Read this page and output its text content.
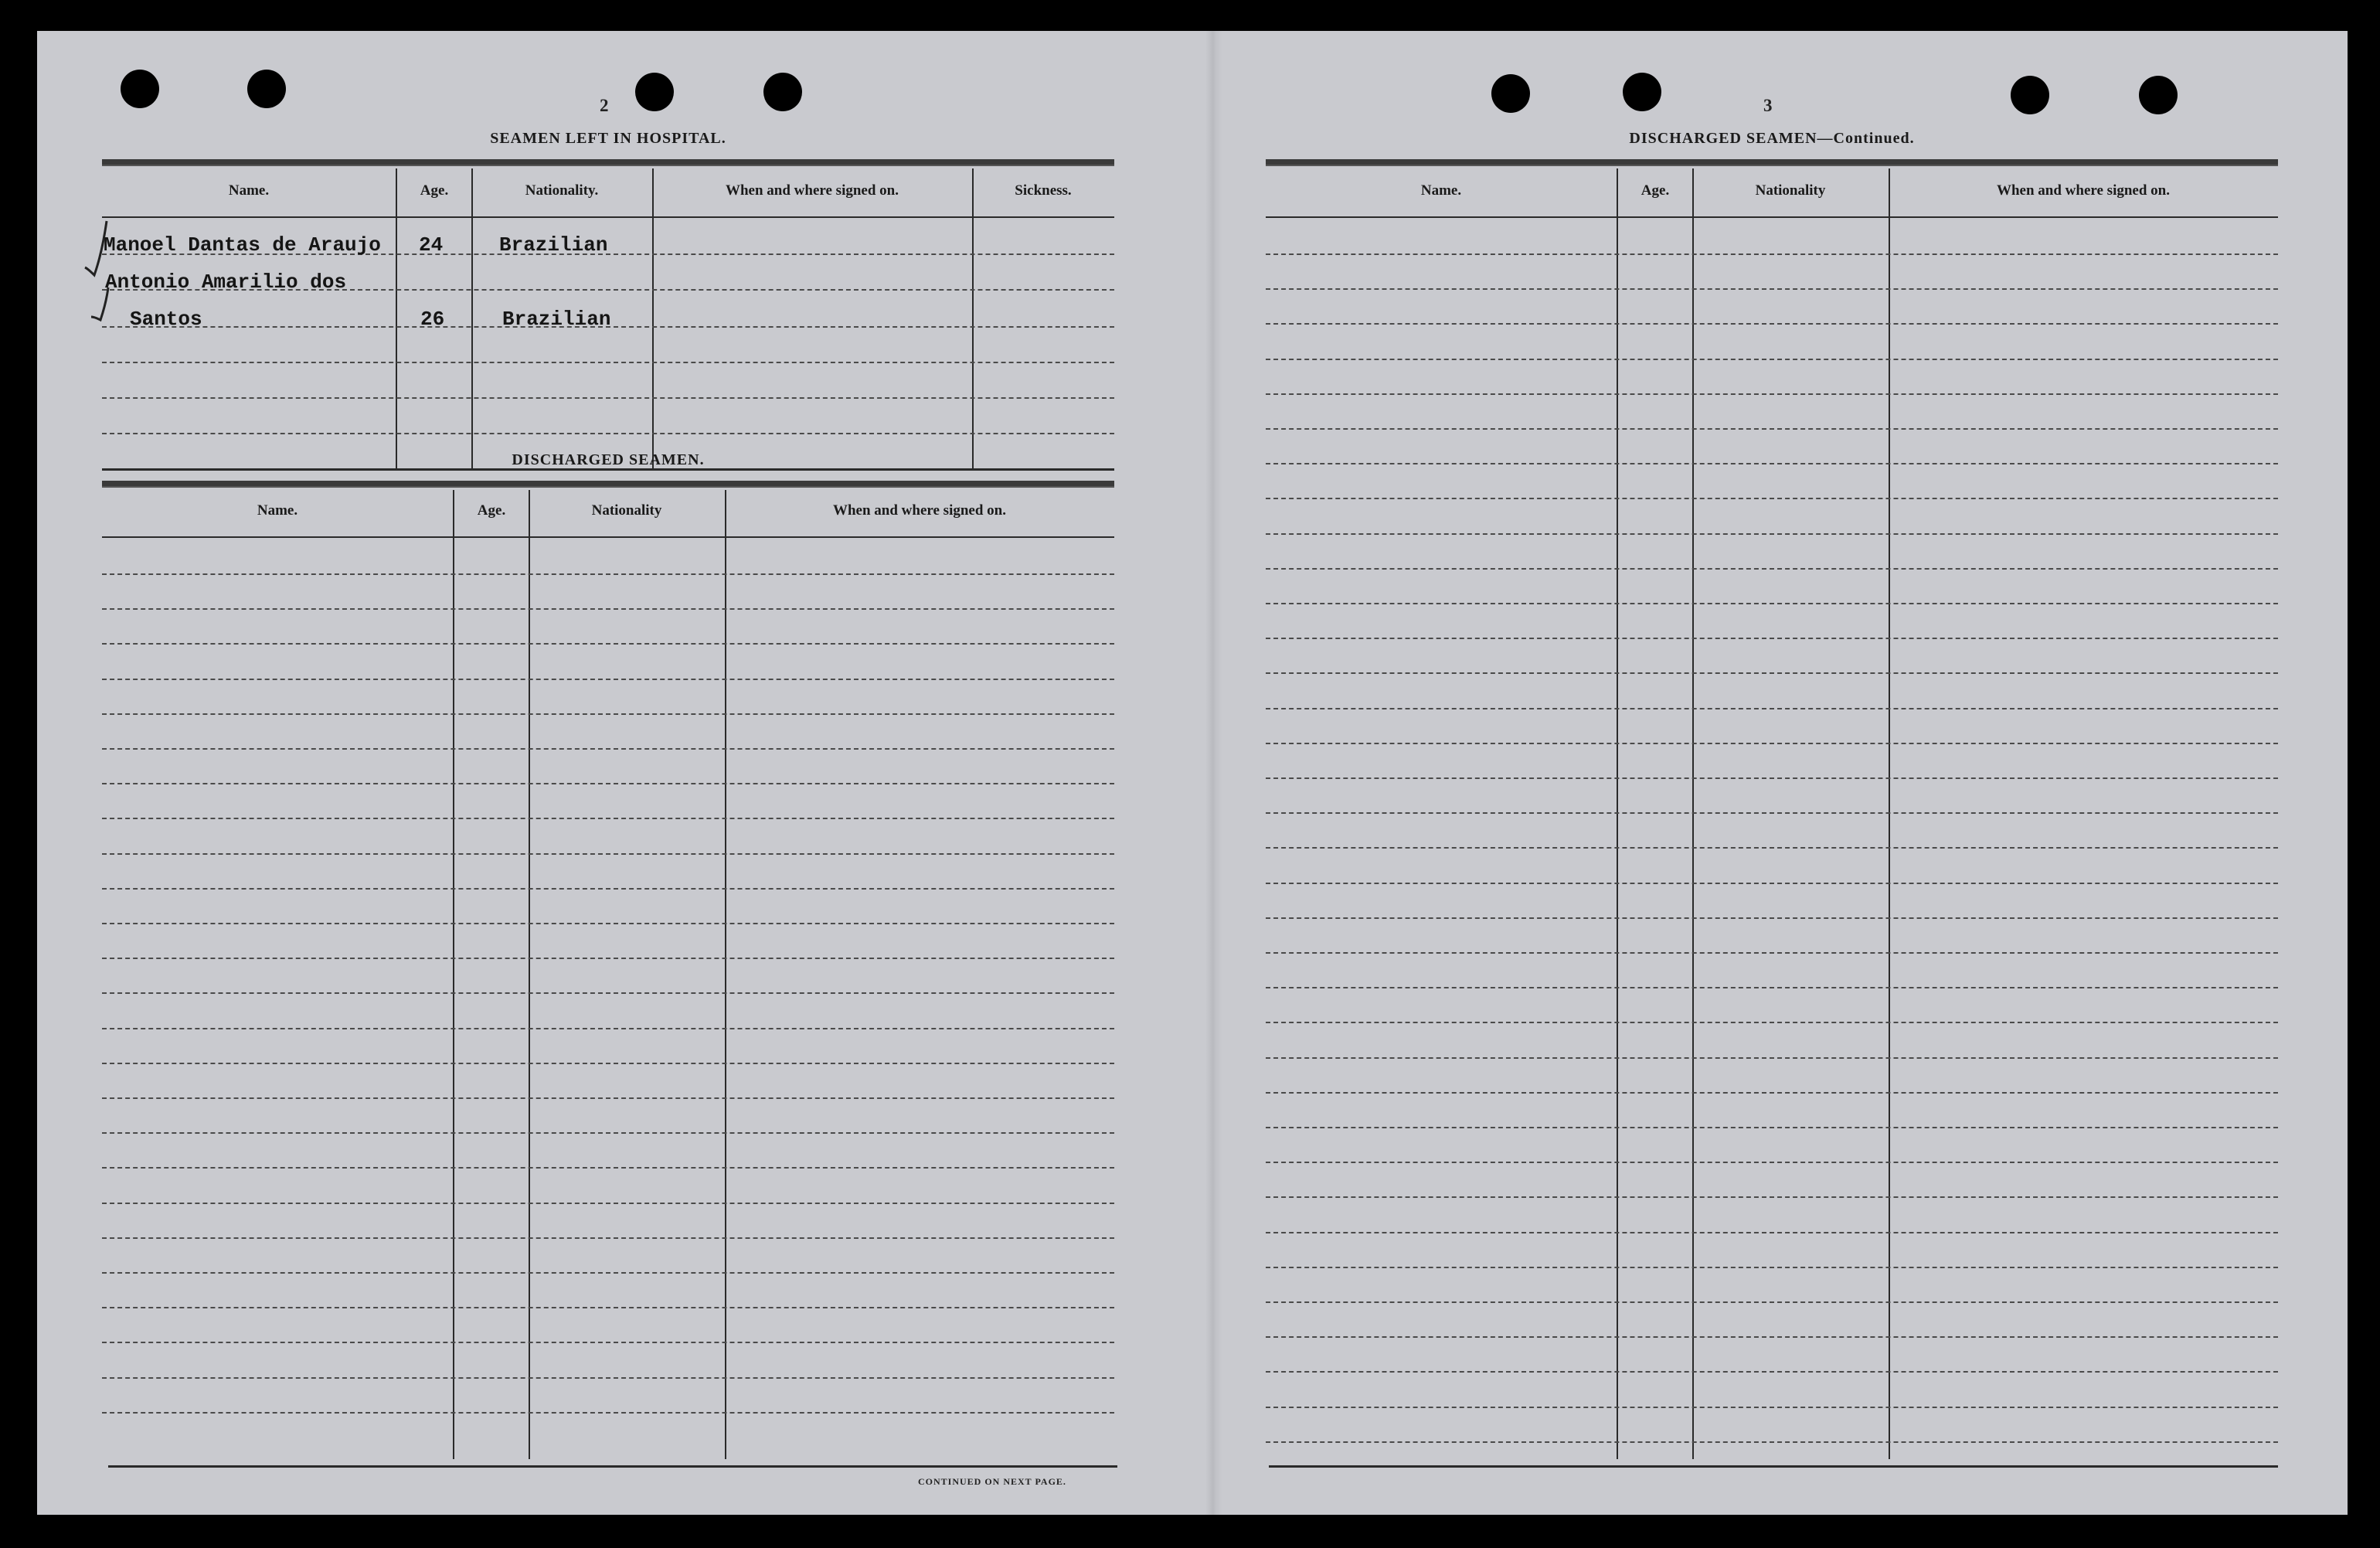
2
SEAMEN LEFT IN HOSPITAL.
Name.	Age.	Nationality.	When and where signed on.	Sickness.
Manoel Dantas de Araujo 24	Brazilian
Antonio Amarilio dos
Santos	26	Brazilian
DISCHARGED SEAMEN.
Name.	Age.	Nationality	When and where signed on.
CONTINUED ON NEXT PAGE.
3
DISCHARGED SEAMEN—Continued.
Name.	Age.	Nationality	When and where signed on.
